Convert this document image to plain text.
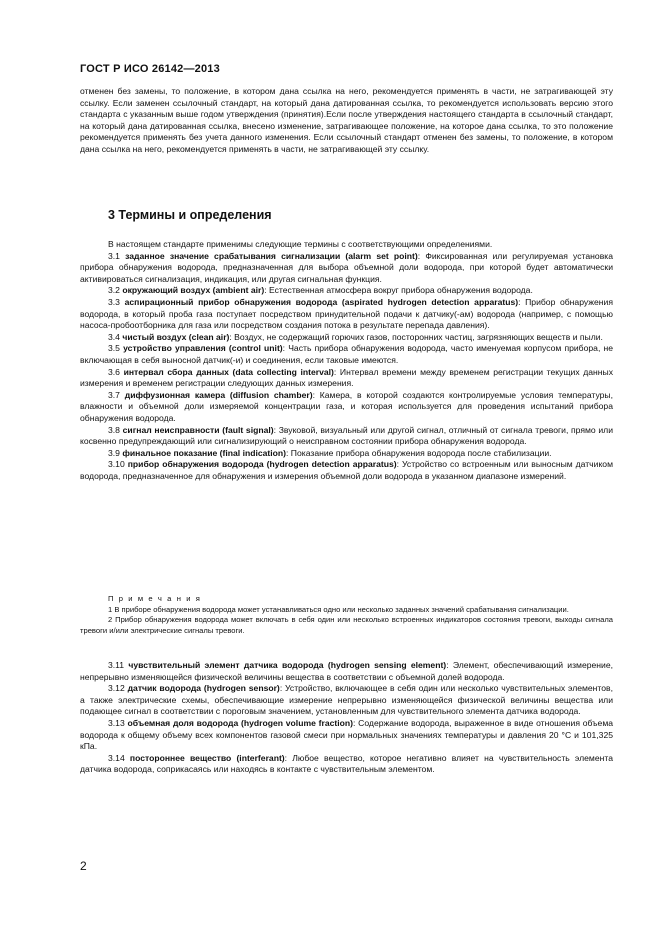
ГОСТ Р ИСО 26142—2013
отменен без замены, то положение, в котором дана ссылка на него, рекомендуется применять в части, не затрагивающей эту ссылку. Если заменен ссылочный стандарт, на который дана датированная ссылка, то рекомендуется использовать версию этого стандарта с указанным выше годом утверждения (принятия).Если после утверждения настоящего стандарта в ссылочный стандарт, на который дана датированная ссылка, внесено изменение, затрагивающее положение, на которое дана ссылка, то это положение рекомендуется применять без учета данного изменения. Если ссылочный стандарт отменен без замены, то положение, в котором дана ссылка на него, рекомендуется применять в части, не затрагивающей эту ссылку.
3 Термины и определения

В настоящем стандарте применимы следующие термины с соответствующими определениями.

3.1 заданное значение срабатывания сигнализации (alarm set point): Фиксированная или регулируемая установка прибора обнаружения водорода, предназначенная для выбора объемной доли водорода, при которой будет автоматически активироваться сигнализация, индикация, или другая сигнальная функция.

3.2 окружающий воздух (ambient air): Естественная атмосфера вокруг прибора обнаружения водорода.

3.3 аспирационный прибор обнаружения водорода (aspirated hydrogen detection apparatus): Прибор обнаружения водорода, в который проба газа поступает посредством принудительной подачи к датчику(-ам) водорода (например, с помощью насоса-пробоотборника для газа или посредством создания потока в результате перепада давления).

3.4 чистый воздух (clean air): Воздух, не содержащий горючих газов, посторонних частиц, загрязняющих веществ и пыли.

3.5 устройство управления (control unit): Часть прибора обнаружения водорода, часто именуемая корпусом прибора, не включающая в себя выносной датчик(-и) и соединения, если таковые имеются.

3.6 интервал сбора данных (data collecting interval): Интервал времени между временем регистрации текущих данных измерения и временем регистрации следующих данных измерения.

3.7 диффузионная камера (diffusion chamber): Камера, в которой создаются контролируемые условия температуры, влажности и объемной доли измеряемой концентрации газа, и которая используется для проведения испытаний прибора обнаружения водорода.

3.8 сигнал неисправности (fault signal): Звуковой, визуальный или другой сигнал, отличный от сигнала тревоги, прямо или косвенно предупреждающий или сигнализирующий о неисправном состоянии прибора обнаружения водорода.

3.9 финальное показание (final indication): Показание прибора обнаружения водорода после стабилизации.

3.10 прибор обнаружения водорода (hydrogen detection apparatus): Устройство со встроенным или выносным датчиком водорода, предназначенное для обнаружения и измерения объемной доли водорода в указанном диапазоне измерений.

П р и м е ч а н и я

1 В приборе обнаружения водорода может устанавливаться одно или несколько заданных значений срабатывания сигнализации.

2 Прибор обнаружения водорода может включать в себя один или несколько встроенных индикаторов состояния тревоги, выходы сигнала тревоги и/или электрические сигналы тревоги.

3.11 чувствительный элемент датчика водорода (hydrogen sensing element): Элемент, обеспечивающий измерение, непрерывно изменяющейся физической величины вещества в соответствии с объемной долей водорода.

3.12 датчик водорода (hydrogen sensor): Устройство, включающее в себя один или несколько чувствительных элементов, а также электрические схемы, обеспечивающие измерение непрерывно изменяющейся физической величины вещества или подающее сигнал в соответствии с пороговым значением, установленным для чувствительного элемента датчика водорода.

3.13 объемная доля водорода (hydrogen volume fraction): Содержание водорода, выраженное в виде отношения объема водорода к общему объему всех компонентов газовой смеси при нормальных значениях температуры и давления 20 °С и 101,325 кПа.

3.14 постороннее вещество (interferant): Любое вещество, которое негативно влияет на чувствительность элемента датчика водорода, соприкасаясь или находясь в контакте с чувствительным элементом.

2
